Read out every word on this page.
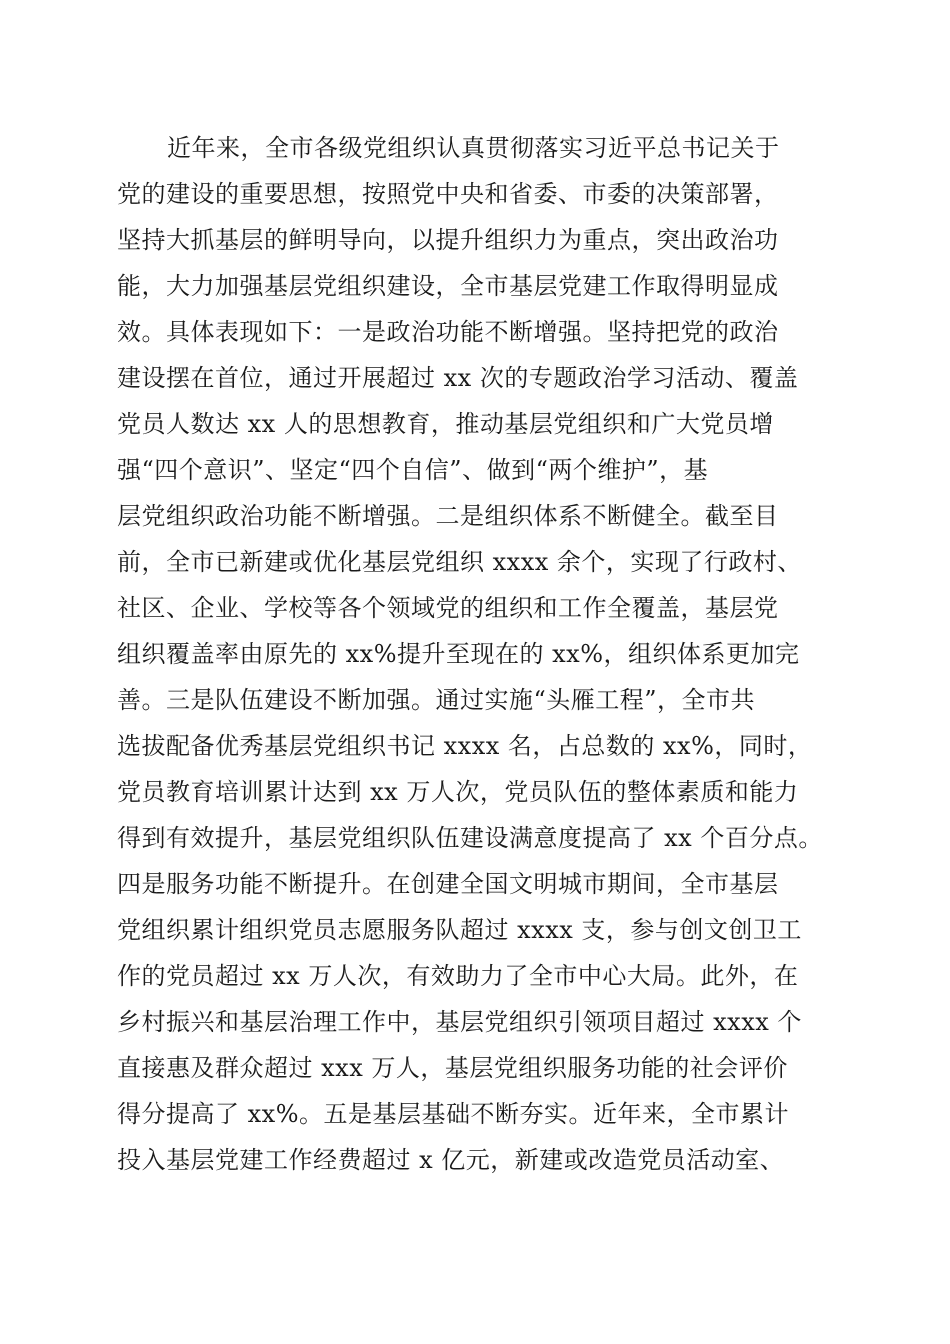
近年来，全市各级党组织认真贯彻落实习近平总书记关于
党的建设的重要思想，按照党中央和省委、市委的决策部署，
坚持大抓基层的鲜明导向，以提升组织力为重点，突出政治功
能，大力加强基层党组织建设，全市基层党建工作取得明显成
效。具体表现如下：一是政治功能不断增强。坚持把党的政治
建设摆在首位，通过开展超过 xx 次的专题政治学习活动、覆盖
党员人数达 xx 人的思想教育，推动基层党组织和广大党员增
强“四个意识”、坚定“四个自信”、做到“两个维护”，基
层党组织政治功能不断增强。二是组织体系不断健全。截至目
前，全市已新建或优化基层党组织 xxxx 余个，实现了行政村、
社区、企业、学校等各个领域党的组织和工作全覆盖，基层党
组织覆盖率由原先的 xx%提升至现在的 xx%，组织体系更加完
善。三是队伍建设不断加强。通过实施“头雁工程”，全市共
选拔配备优秀基层党组织书记 xxxx 名，占总数的 xx%，同时，
党员教育培训累计达到 xx 万人次，党员队伍的整体素质和能力
得到有效提升，基层党组织队伍建设满意度提高了 xx 个百分点。
四是服务功能不断提升。在创建全国文明城市期间，全市基层
党组织累计组织党员志愿服务队超过 xxxx 支，参与创文创卫工
作的党员超过 xx 万人次，有效助力了全市中心大局。此外，在
乡村振兴和基层治理工作中，基层党组织引领项目超过 xxxx 个
直接惠及群众超过 xxx 万人，基层党组织服务功能的社会评价
得分提高了 xx%。五是基层基础不断夯实。近年来，全市累计
投入基层党建工作经费超过 x 亿元，新建或改造党员活动室、
